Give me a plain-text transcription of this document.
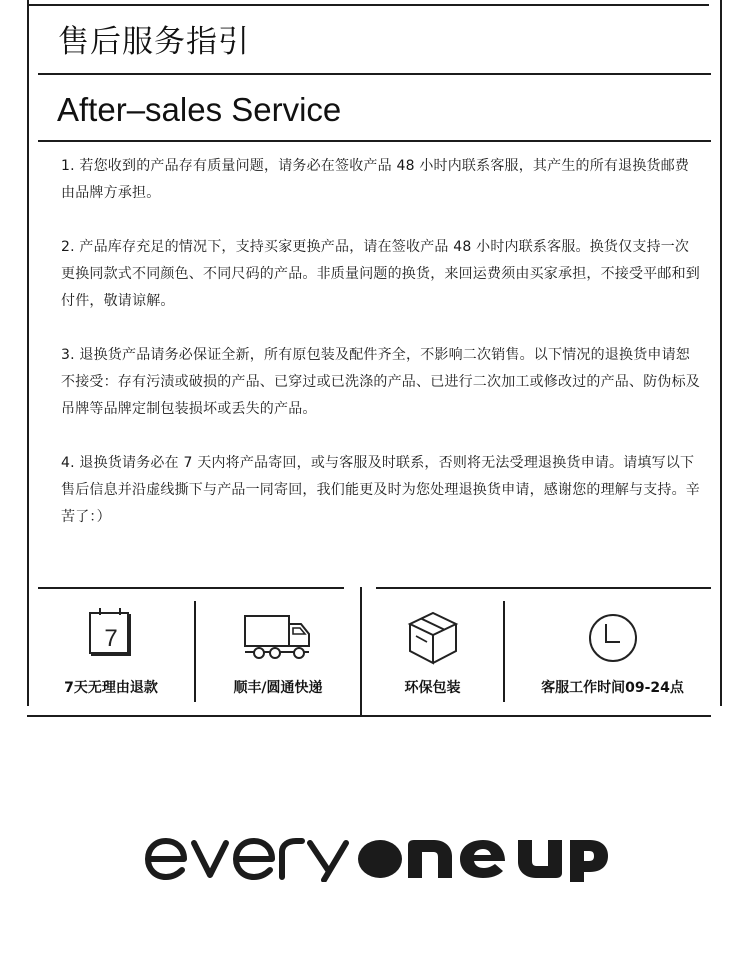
售后服务指引
After–sales Service

1. 若您收到的产品存有质量问题，请务必在签收产品 48 小时内联系客服，其产生的所有退换货邮费由品牌方承担。

2. 产品库存充足的情况下，支持买家更换产品，请在签收产品 48 小时内联系客服。换货仅支持一次更换同款式不同颜色、不同尺码的产品。非质量问题的换货，来回运费须由买家承担，不接受平邮和到付件，敬请谅解。

3. 退换货产品请务必保证全新，所有原包装及配件齐全，不影响二次销售。以下情况的退换货申请恕不接受：存有污渍或破损的产品、已穿过或已洗涤的产品、已进行二次加工或修改过的产品、防伪标及吊牌等品牌定制包装损坏或丢失的产品。

4. 退换货请务必在 7 天内将产品寄回，或与客服及时联系，否则将无法受理退换货申请。请填写以下售后信息并沿虚线撕下与产品一同寄回，我们能更及时为您处理退换货申请，感谢您的理解与支持。辛苦了：）

7
7天无理由退款	顺丰/圆通快递	环保包装	客服工作时间09-24点
